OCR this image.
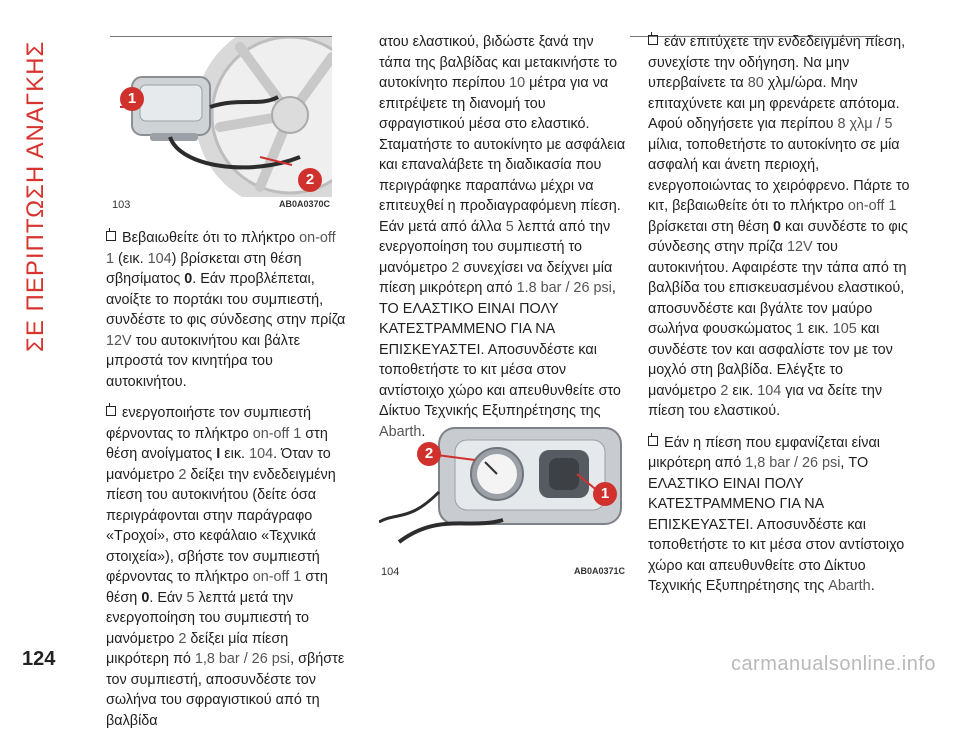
ΣΕ ΠΕΡΙΠΤΩΣΗ ΑΝΑΓΚΗΣ	1
2
103	AB0A0370C
2
1
104	AB0A0371C

Βεβαιωθείτε ότι το πλήκτρο on-off 1 (εικ. 104) βρίσκεται στη θέση σβησίματος 0. Εάν προβλέπεται, ανοίξτε το πορτάκι του συμπιεστή, συνδέστε το φις σύνδεσης στην πρίζα 12V του αυτοκινήτου και βάλτε μπροστά τον κινητήρα του αυτοκινήτου.

ενεργοποιήστε τον συμπιεστή φέρνοντας το πλήκτρο on-off 1 στη θέση ανοίγματος I εικ. 104. Όταν το μανόμετρο 2 δείξει την ενδεδειγμένη πίεση του αυτοκινήτου (δείτε όσα περιγράφονται στην παράγραφο «Τροχοί», στο κεφάλαιο «Τεχνικά στοιχεία»), σβήστε τον συμπιεστή φέρνοντας το πλήκτρο on-off 1 στη θέση 0. Εάν 5 λεπτά μετά την ενεργοποίηση του συμπιεστή το μανόμετρο 2 δείξει μία πίεση μικρότερη πό 1,8 bar / 26 psi, σβήστε τον συμπιεστή, αποσυνδέστε τον σωλήνα του σφραγιστικού από τη βαλβίδα

ατου ελαστικού, βιδώστε ξανά την τάπα της βαλβίδας και μετακινήστε το αυτοκίνητο περίπου 10 μέτρα για να επιτρέψετε τη διανομή του σφραγιστικού μέσα στο ελαστικό. Σταματήστε το αυτοκίνητο με ασφάλεια και επαναλάβετε τη διαδικασία που περιγράφηκε παραπάνω μέχρι να επιτευχθεί η προδιαγραφόμενη πίεση. Εάν μετά από άλλα 5 λεπτά από την ενεργοποίηση του συμπιεστή το μανόμετρο 2 συνεχίσει να δείχνει μία πίεση μικρότερη από 1.8 bar / 26 psi, ΤΟ ΕΛΑΣΤΙΚΟ ΕΙΝΑΙ ΠΟΛΥ ΚΑΤΕΣΤΡΑΜΜΕΝΟ ΓΙΑ ΝΑ ΕΠΙΣΚΕΥΑΣΤΕΙ. Αποσυνδέστε και τοποθετήστε το κιτ μέσα στον αντίστοιχο χώρο και απευθυνθείτε στο Δίκτυο Τεχνικής Εξυπηρέτησης της Abarth.

εάν επιτύχετε την ενδεδειγμένη πίεση, συνεχίστε την οδήγηση. Να μην υπερβαίνετε τα 80 χλμ/ώρα. Μην επιταχύνετε και μη φρενάρετε απότομα. Αφού οδηγήσετε για περίπου 8 χλμ / 5 μίλια, τοποθετήστε το αυτοκίνητο σε μία ασφαλή και άνετη περιοχή, ενεργοποιώντας το χειρόφρενο. Πάρτε το κιτ, βεβαιωθείτε ότι το πλήκτρο on-off 1 βρίσκεται στη θέση 0 και συνδέστε το φις σύνδεσης στην πρίζα 12V του αυτοκινήτου. Αφαιρέστε την τάπα από τη βαλβίδα του επισκευασμένου ελαστικού, αποσυνδέστε και βγάλτε τον μαύρο σωλήνα φουσκώματος 1 εικ. 105 και συνδέστε τον και ασφαλίστε τον με τον μοχλό στη βαλβίδα. Ελέγξτε το μανόμετρο 2 εικ. 104 για να δείτε την πίεση του ελαστικού.

Εάν η πίεση που εμφανίζεται είναι μικρότερη από 1,8 bar / 26 psi, ΤΟ ΕΛΑΣΤΙΚΟ ΕΙΝΑΙ ΠΟΛΥ ΚΑΤΕΣΤΡΑΜΜΕΝΟ ΓΙΑ ΝΑ ΕΠΙΣΚΕΥΑΣΤΕΙ. Αποσυνδέστε και τοποθετήστε το κιτ μέσα στον αντίστοιχο χώρο και απευθυνθείτε στο Δίκτυο Τεχνικής Εξυπηρέτησης της Abarth.

124	carmanualsonline.info
